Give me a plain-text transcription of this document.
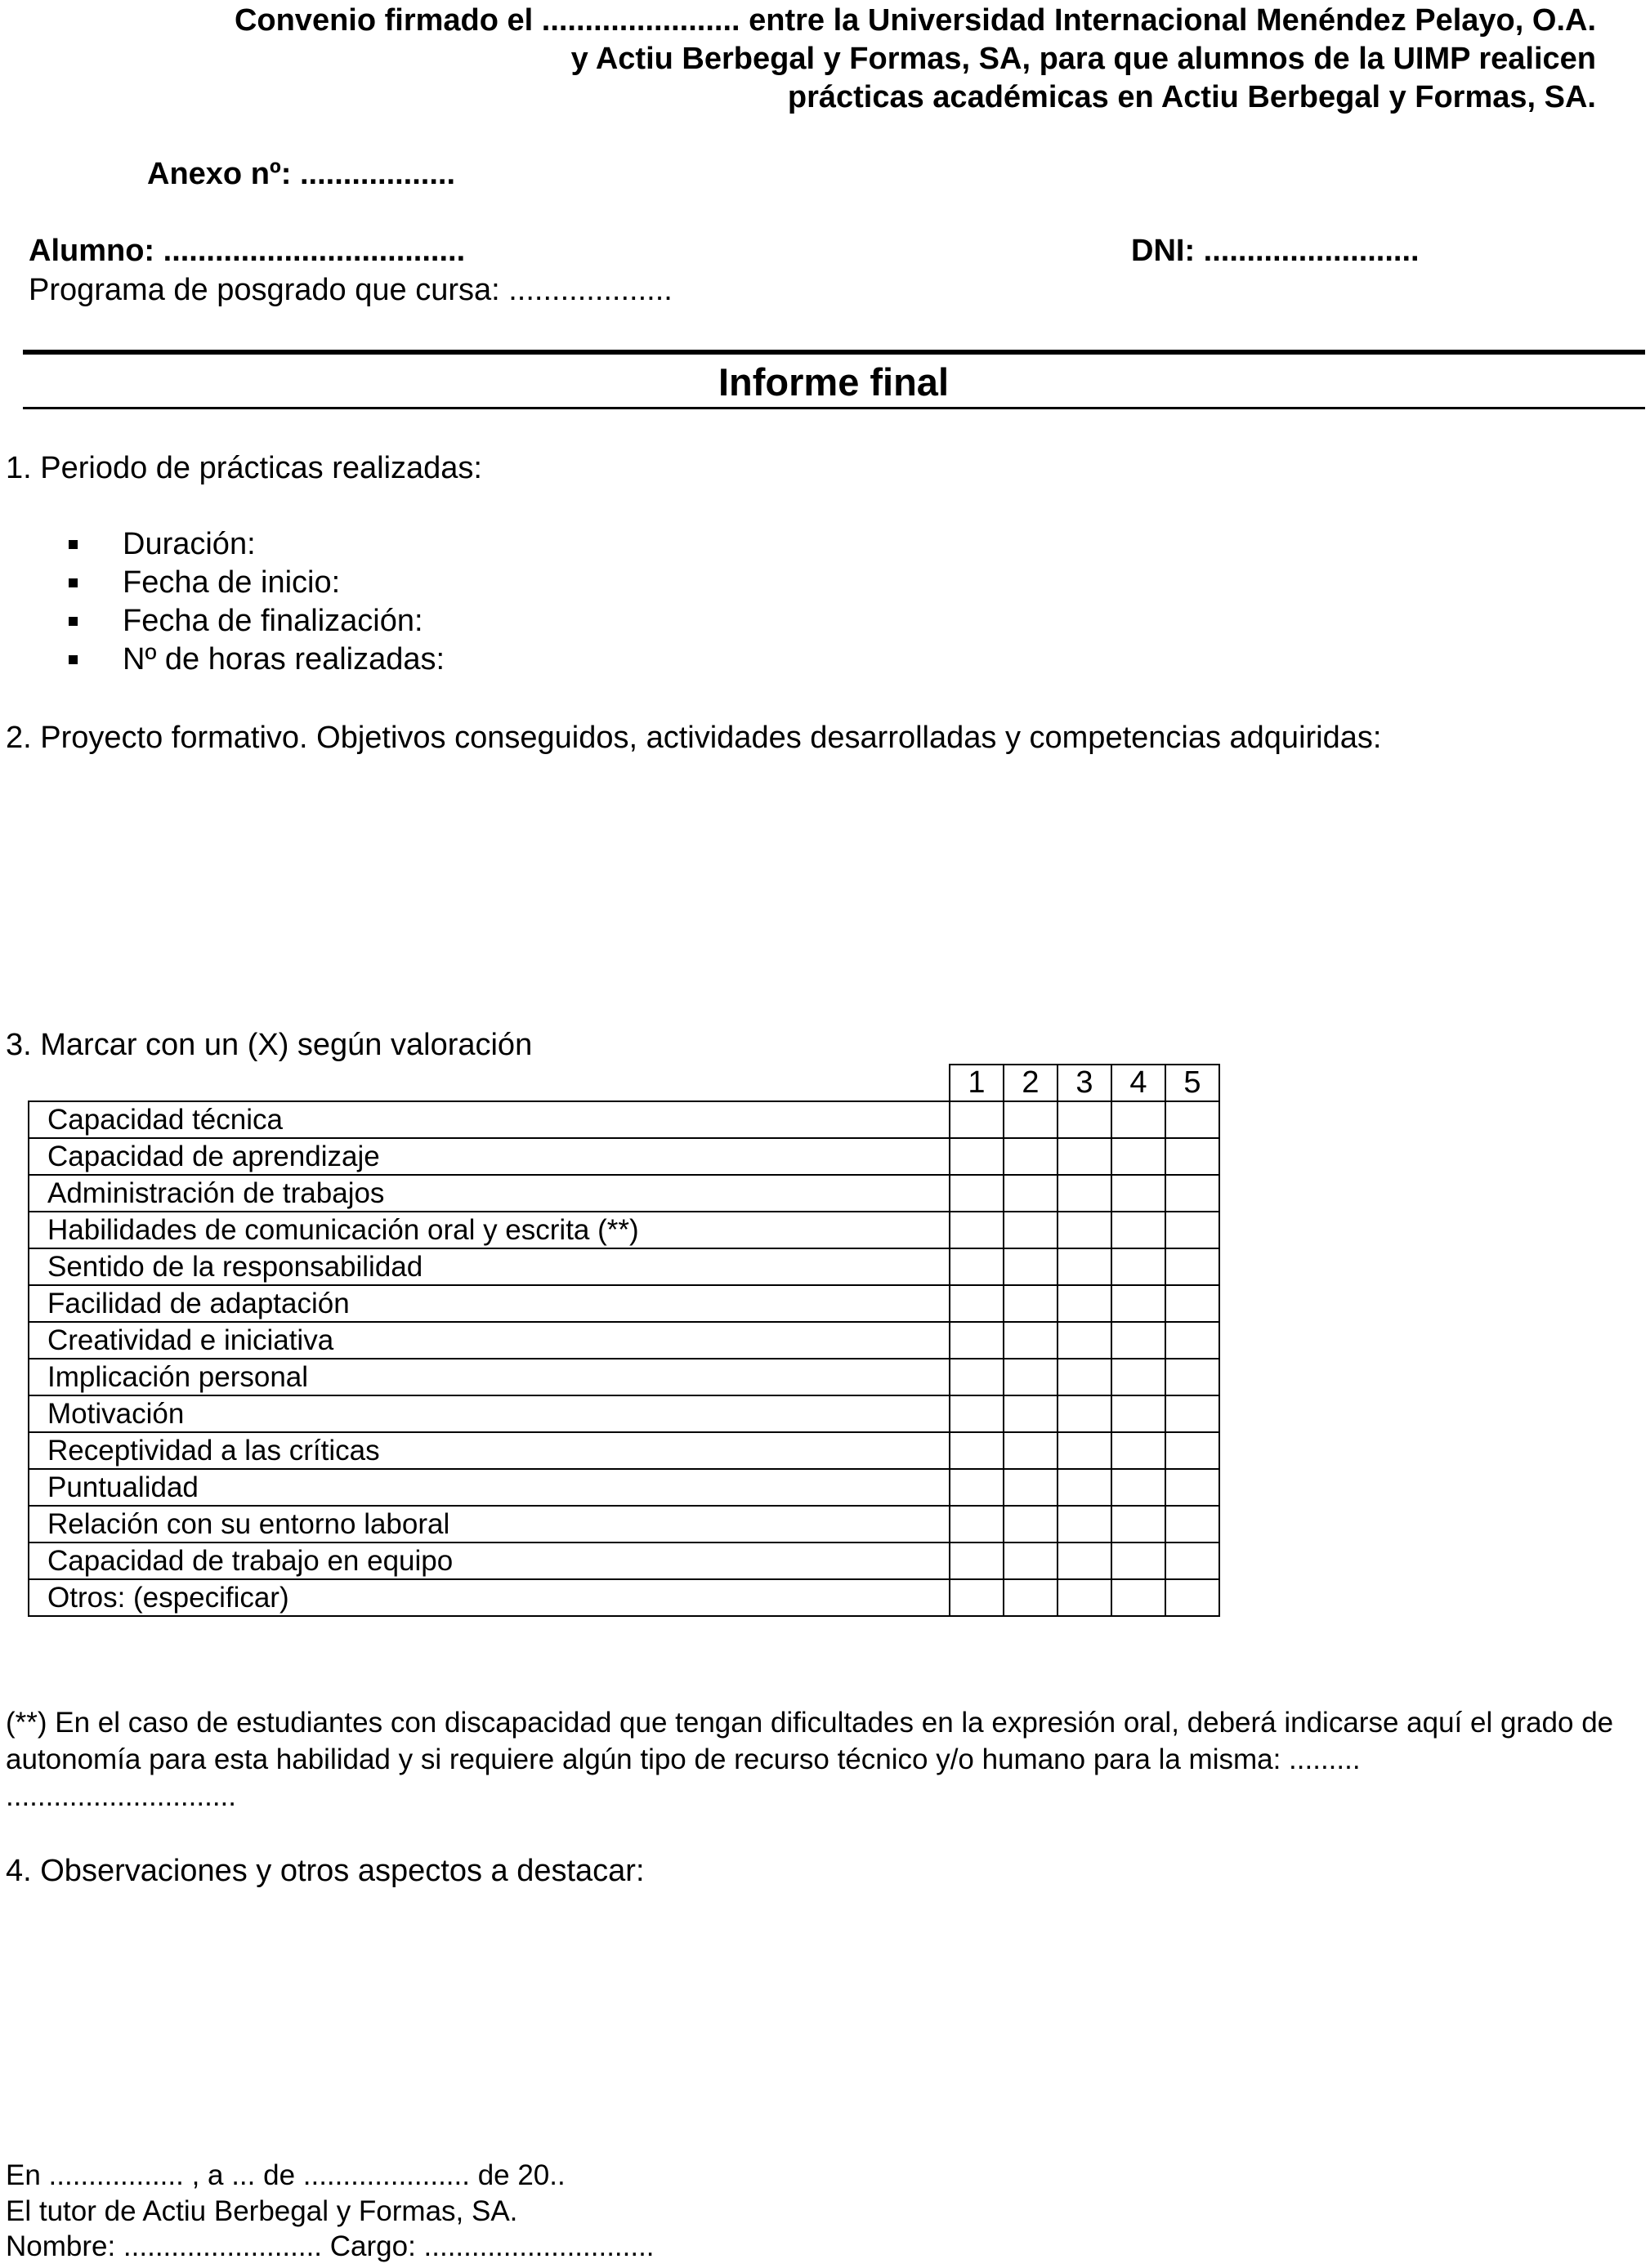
Convenio firmado el ....................... entre la Universidad Internacional Menéndez Pelayo, O.A.
y Actiu Berbegal y Formas, SA, para que alumnos de la UIMP realicen
prácticas académicas en Actiu Berbegal y Formas, SA.
Anexo nº: ..................
Alumno: ...................................	DNI: .........................
Programa de posgrado que cursa: ...................
Informe final
1. Periodo de prácticas realizadas:
Duración:
Fecha de inicio:
Fecha de finalización:
Nº de horas realizadas:
2. Proyecto formativo. Objetivos conseguidos, actividades desarrolladas y competencias adquiridas:
3. Marcar con un (X) según valoración
	1	2	3	4	5
Capacidad técnica					
Capacidad de aprendizaje					
Administración de trabajos					
Habilidades de comunicación oral y escrita (**)					
Sentido de la responsabilidad					
Facilidad de adaptación					
Creatividad e iniciativa					
Implicación personal					
Motivación					
Receptividad a las críticas					
Puntualidad					
Relación con su entorno laboral					
Capacidad de trabajo en equipo					
Otros: (especificar)					
(**) En el caso de estudiantes con discapacidad que tengan dificultades en la expresión oral, deberá indicarse aquí el grado de
autonomía para esta habilidad y si requiere algún tipo de recurso técnico y/o humano para la misma: .........
.............................
4. Observaciones y otros aspectos a destacar:
En ................. , a ... de ..................... de 20..
El tutor de Actiu Berbegal y Formas, SA.
Nombre: ......................... Cargo: .............................
